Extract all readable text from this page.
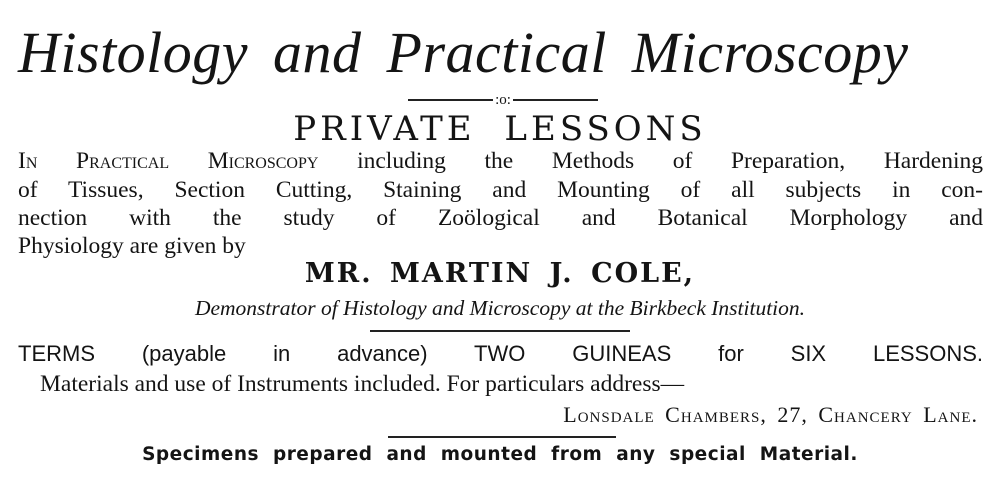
Histology and Practical Microscopy
:o:
PRIVATE LESSONS
In Practical Microscopy including the Methods of Preparation, Hardening
of Tissues, Section Cutting, Staining and Mounting of all subjects in con-
nection with the study of Zoölogical and Botanical Morphology and
Physiology are given by
MR. MARTIN J. COLE,
Demonstrator of Histology and Microscopy at the Birkbeck Institution.
TERMS (payable in advance) TWO GUINEAS for SIX LESSONS.
Materials and use of Instruments included. For particulars address—
Lonsdale Chambers, 27, Chancery Lane.
Specimens prepared and mounted from any special Material.
